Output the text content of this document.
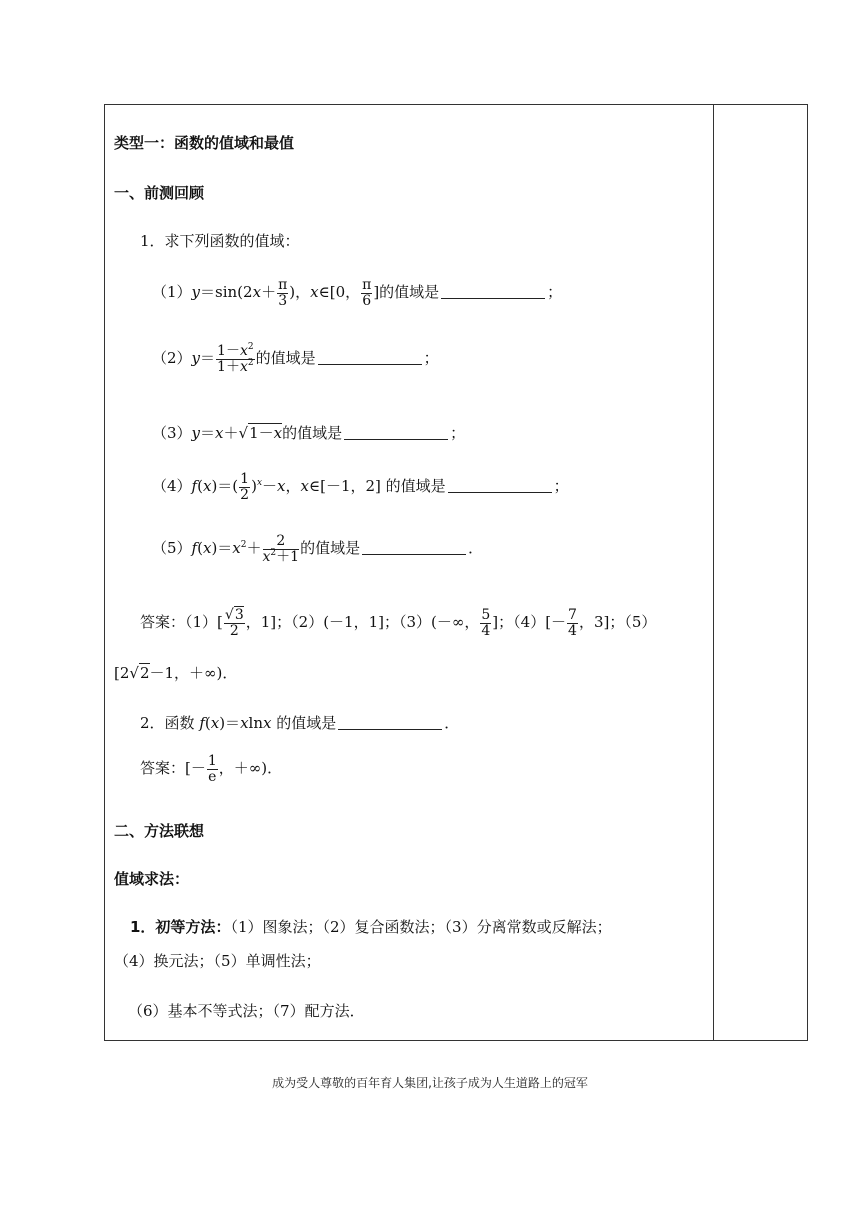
类型一：函数的值域和最值
一、前测回顾
1．求下列函数的值域：
$(1)y=\sin(2x+ \frac{\pi}{3}$ )，x∈[0， $\frac{\pi}{6}$ ]的值域是	；
$(2)y= \frac{1-x^2}{1+x^2}$ 的值域是	；
（3）y＝x＋√1－x的值域是	；
$(4)f(x)=( \frac{1}{2} )^x-x$，x∈[－1，2] 的值域是	；
$(5)f(x)=x^2+ \frac{2}{x^2+1}$ 的值域是	．
答案：$(1)[ \frac{√3}{2}$ ，1]；（2）(－1，1]；（3）(－∞， $\frac{5}{4}$ ]；$(4)[- \frac{7}{4}$ ，3]；（5）
[2√2－1，＋∞)．
2．函数 f(x)＝xlnx 的值域是	．
答案：[－ $\frac{1}{e}$ ，＋∞)．
二、方法联想
值域求法：
1．初等方法：（1）图象法；（2）复合函数法；（3）分离常数或反解法；
（4）换元法；（5）单调性法；
（6）基本不等式法；（7）配方法．
成为受人尊敬的百年育人集团,让孩子成为人生道路上的冠军
